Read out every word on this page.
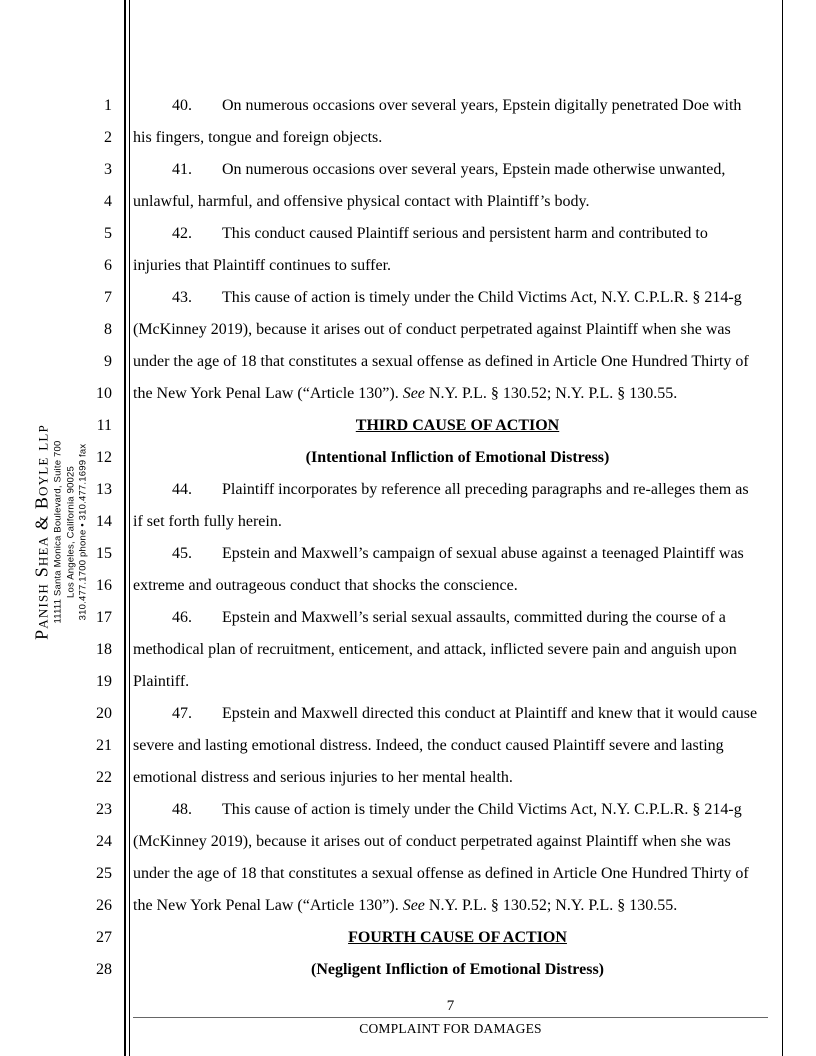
Panish Shea & Boyle llp 11111 Santa Monica Boulevard, Suite 700 Los Angeles, California 90025 310.477.1700 phone • 310.477.1699 fax
1
2
3
4
5
6
7
8
9
10
11
12
13
14
15
16
17
18
19
20
21
22
23
24
25
26
27
28
40. On numerous occasions over several years, Epstein digitally penetrated Doe with
his fingers, tongue and foreign objects.
41. On numerous occasions over several years, Epstein made otherwise unwanted,
unlawful, harmful, and offensive physical contact with Plaintiff’s body.
42. This conduct caused Plaintiff serious and persistent harm and contributed to
injuries that Plaintiff continues to suffer.
43. This cause of action is timely under the Child Victims Act, N.Y. C.P.L.R. § 214-g
(McKinney 2019), because it arises out of conduct perpetrated against Plaintiff when she was
under the age of 18 that constitutes a sexual offense as defined in Article One Hundred Thirty of
the New York Penal Law (“Article 130”). See N.Y. P.L. § 130.52; N.Y. P.L. § 130.55.
THIRD CAUSE OF ACTION
(Intentional Infliction of Emotional Distress)
44. Plaintiff incorporates by reference all preceding paragraphs and re-alleges them as
if set forth fully herein.
45. Epstein and Maxwell’s campaign of sexual abuse against a teenaged Plaintiff was
extreme and outrageous conduct that shocks the conscience.
46. Epstein and Maxwell’s serial sexual assaults, committed during the course of a
methodical plan of recruitment, enticement, and attack, inflicted severe pain and anguish upon
Plaintiff.
47. Epstein and Maxwell directed this conduct at Plaintiff and knew that it would cause
severe and lasting emotional distress. Indeed, the conduct caused Plaintiff severe and lasting
emotional distress and serious injuries to her mental health.
48. This cause of action is timely under the Child Victims Act, N.Y. C.P.L.R. § 214-g
(McKinney 2019), because it arises out of conduct perpetrated against Plaintiff when she was
under the age of 18 that constitutes a sexual offense as defined in Article One Hundred Thirty of
the New York Penal Law (“Article 130”). See N.Y. P.L. § 130.52; N.Y. P.L. § 130.55.
FOURTH CAUSE OF ACTION
(Negligent Infliction of Emotional Distress)
7
COMPLAINT FOR DAMAGES
